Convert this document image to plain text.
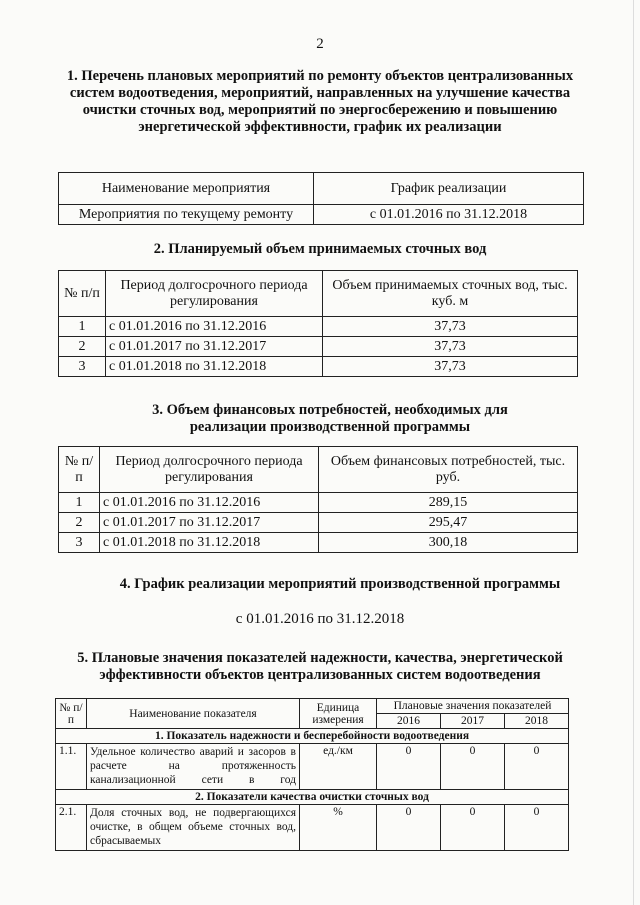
2
1. Перечень плановых мероприятий по ремонту объектов централизованных систем водоотведения, мероприятий, направленных на улучшение качества очистки сточных вод, мероприятий по энергосбережению и повышению энергетической эффективности, график их реализации
Наименование мероприятия	График реализации
Мероприятия по текущему ремонту	с 01.01.2016 по 31.12.2018
2. Планируемый объем принимаемых сточных вод
№ п/п	Период долгосрочного периода регулирования	Объем принимаемых сточных вод, тыс. куб. м
1	с 01.01.2016 по 31.12.2016	37,73
2	с 01.01.2017 по 31.12.2017	37,73
3	с 01.01.2018 по 31.12.2018	37,73
3. Объем финансовых потребностей, необходимых для реализации производственной программы
№ п/п	Период долгосрочного периода регулирования	Объем финансовых потребностей, тыс. руб.
1	с 01.01.2016 по 31.12.2016	289,15
2	с 01.01.2017 по 31.12.2017	295,47
3	с 01.01.2018 по 31.12.2018	300,18
4. График реализации мероприятий производственной программы
с 01.01.2016 по 31.12.2018
5. Плановые значения показателей надежности, качества, энергетической эффективности объектов централизованных систем водоотведения
№ п/п	Наименование показателя	Единица измерения	Плановые значения показателей		
			2016	2017	2018
1. Показатель надежности и бесперебойности водоотведения					
1.1.	Удельное количество аварий и засоров в расчете на протяженность канализационной сети в год	ед./км	0	0	0
2. Показатели качества очистки сточных вод					
2.1.	Доля сточных вод, не подвергающихся очистке, в общем объеме сточных вод, сбрасываемых	%	0	0	0
